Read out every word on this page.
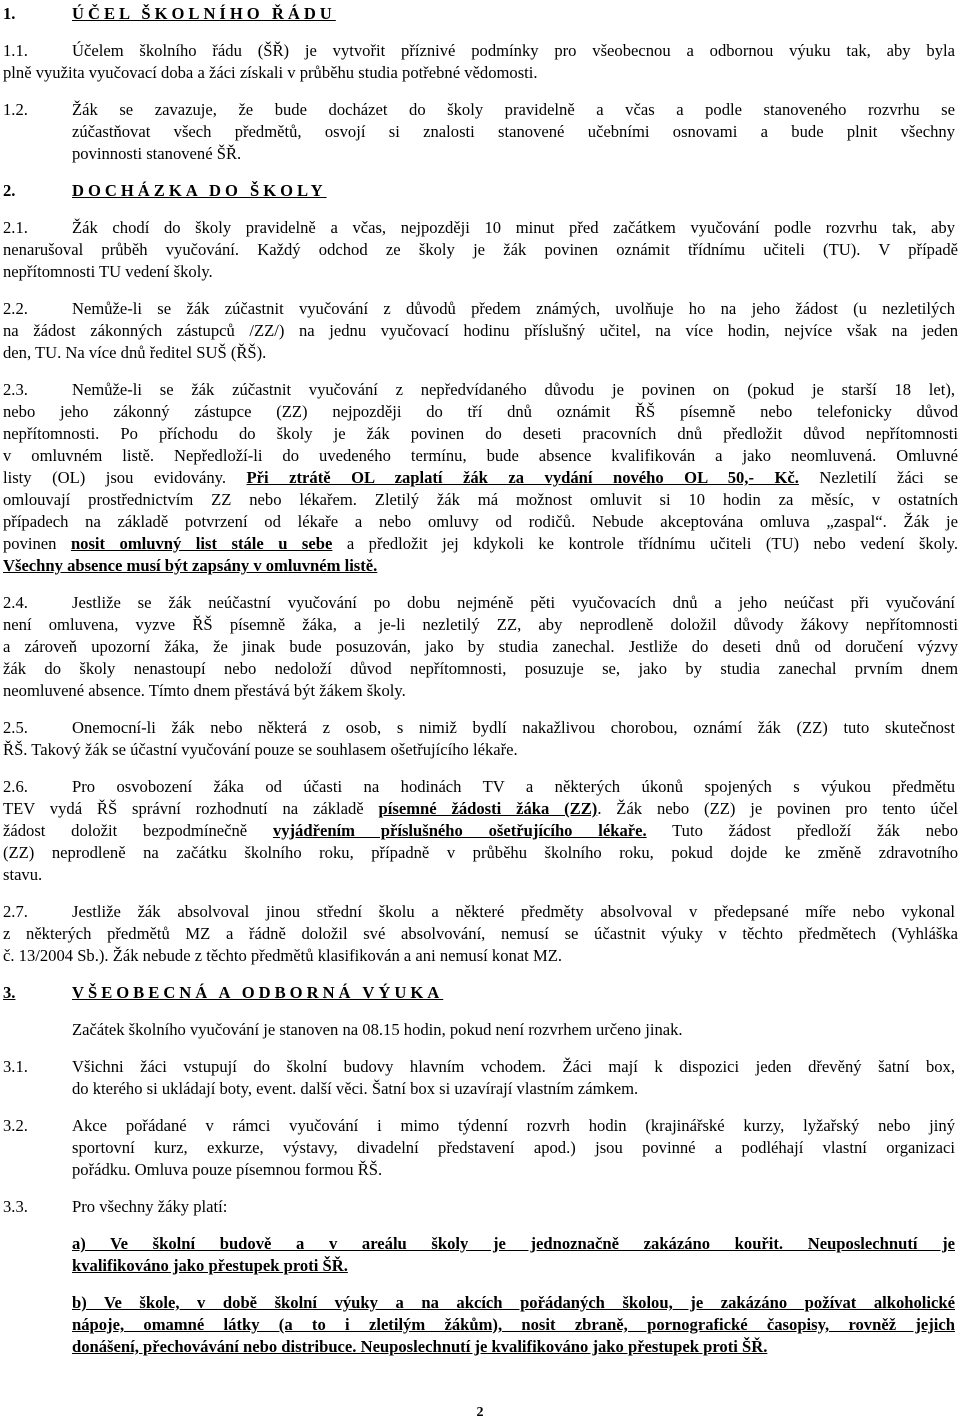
1.	ÚČEL ŠKOLNÍHO ŘÁDU
1.1.	Účelem školního řádu (ŠŘ) je vytvořit příznivé podmínky pro všeobecnou a odbornou výuku tak, aby byla
plně využita vyučovací doba a žáci získali v průběhu studia potřebné vědomosti.
1.2.	Žák se zavazuje, že bude docházet do školy pravidelně a včas a podle stanoveného rozvrhu se
zúčastňovat všech předmětů, osvojí si znalosti stanovené učebními osnovami a bude plnit všechny
povinnosti stanovené ŠŘ.
2.	DOCHÁZKA DO ŠKOLY
2.1.	Žák chodí do školy pravidelně a včas, nejpozději 10 minut před začátkem vyučování podle rozvrhu tak, aby
nenarušoval průběh vyučování. Každý odchod ze školy je žák povinen oznámit třídnímu učiteli (TU). V případě
nepřítomnosti TU vedení školy.
2.2.	Nemůže-li se žák zúčastnit vyučování z důvodů předem známých, uvolňuje ho na jeho žádost (u nezletilých
na žádost zákonných zástupců /ZZ/) na jednu vyučovací hodinu příslušný učitel, na více hodin, nejvíce však na jeden
den, TU. Na více dnů ředitel SUŠ (ŘŠ).
2.3.	Nemůže-li se žák zúčastnit vyučování z nepředvídaného důvodu je povinen on (pokud je starší 18 let),
nebo jeho zákonný zástupce (ZZ) nejpozději do tří dnů oznámit ŘŠ písemně nebo telefonicky důvod
nepřítomnosti. Po příchodu do školy je žák povinen do deseti pracovních dnů předložit důvod nepřítomnosti
v omluvném listě. Nepředloží-li do uvedeného termínu, bude absence kvalifikován a jako neomluvená. Omluvné
listy (OL) jsou evidovány. Při ztrátě OL zaplatí žák za vydání nového OL 50,- Kč. Nezletilí žáci se
omlouvají prostřednictvím ZZ nebo lékařem. Zletilý žák má možnost omluvit si 10 hodin za měsíc, v ostatních
případech na základě potvrzení od lékaře a nebo omluvy od rodičů. Nebude akceptována omluva „zaspal“. Žák je
povinen nosit omluvný list stále u sebe a předložit jej kdykoli ke kontrole třídnímu učiteli (TU) nebo vedení školy.
Všechny absence musí být zapsány v omluvném listě.
2.4.	Jestliže se žák neúčastní vyučování po dobu nejméně pěti vyučovacích dnů a jeho neúčast při vyučování
není omluvena, vyzve ŘŠ písemně žáka, a je-li nezletilý ZZ, aby neprodleně doložil důvody žákovy nepřítomnosti
a zároveň upozorní žáka, že jinak bude posuzován, jako by studia zanechal. Jestliže do deseti dnů od doručení výzvy
žák do školy nenastoupí nebo nedoloží důvod nepřítomnosti, posuzuje se, jako by studia zanechal prvním dnem
neomluvené absence. Tímto dnem přestává být žákem školy.
2.5.	Onemocní-li žák nebo některá z osob, s nimiž bydlí nakažlivou chorobou, oznámí žák (ZZ) tuto skutečnost
ŘŠ. Takový žák se účastní vyučování pouze se souhlasem ošetřujícího lékaře.
2.6.	Pro osvobození žáka od účasti na hodinách TV a některých úkonů spojených s výukou předmětu
TEV vydá ŘŠ správní rozhodnutí na základě písemné žádosti žáka (ZZ). Žák nebo (ZZ) je povinen pro tento účel
žádost doložit bezpodmínečně vyjádřením příslušného ošetřujícího lékaře. Tuto žádost předloží žák nebo
(ZZ) neprodleně na začátku školního roku, případně v průběhu školního roku, pokud dojde ke změně zdravotního
stavu.
2.7.	Jestliže žák absolvoval jinou střední školu a některé předměty absolvoval v předepsané míře nebo vykonal
z některých předmětů MZ a řádně doložil své absolvování, nemusí se účastnit výuky v těchto předmětech (Vyhláška
č. 13/2004 Sb.). Žák nebude z těchto předmětů klasifikován a ani nemusí konat MZ.
3.	VŠEOBECNÁ A ODBORNÁ VÝUKA
Začátek školního vyučování je stanoven na 08.15 hodin, pokud není rozvrhem určeno jinak.
3.1.	Všichni žáci vstupují do školní budovy hlavním vchodem. Žáci mají k dispozici jeden dřevěný šatní box,
do kterého si ukládají boty, event. další věci. Šatní box si uzavírají vlastním zámkem.
3.2.	Akce pořádané v rámci vyučování i mimo týdenní rozvrh hodin (krajinářské kurzy, lyžařský nebo jiný
sportovní kurz, exkurze, výstavy, divadelní představení apod.) jsou povinné a podléhají vlastní organizaci
pořádku. Omluva pouze písemnou formou ŘŠ.
3.3.	Pro všechny žáky platí:
a) Ve školní budově a v areálu školy je jednoznačně zakázáno kouřit. Neuposlechnutí je
kvalifikováno jako přestupek proti ŠŘ.
b) Ve škole, v době školní výuky a na akcích pořádaných školou, je zakázáno požívat alkoholické
nápoje, omamné látky (a to i zletilým žákům), nosit zbraně, pornografické časopisy, rovněž jejich
donášení, přechovávání nebo distribuce. Neuposlechnutí je kvalifikováno jako přestupek proti ŠŘ.
2
